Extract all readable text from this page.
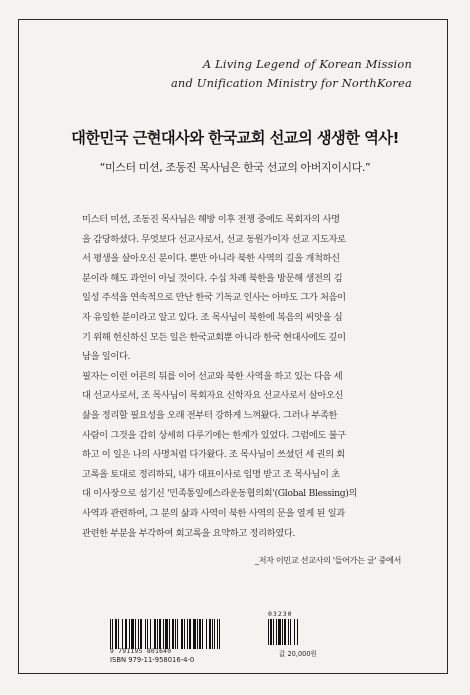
A Living Legend of Korean Mission
and Unification Ministry for NorthKorea
대한민국 근현대사와 한국교회 선교의 생생한 역사!
“미스터 미션, 조동진 목사님은 한국 선교의 아버지이시다.”
미스터 미션, 조동진 목사님은 해방 이후 전쟁 중에도 목회자의 사명
을 감당하셨다. 무엇보다 선교사로서, 선교 동원가이자 선교 지도자로
서 평생을 살아오신 분이다. 뿐만 아니라 북한 사역의 길을 개척하신
분이라 해도 과언이 아닐 것이다. 수십 차례 북한을 방문해 생전의 김
일성 주석을 연속적으로 만난 한국 기독교 인사는 아마도 그가 처음이
자 유일한 분이라고 알고 있다. 조 목사님이 북한에 복음의 씨앗을 심
기 위해 헌신하신 모든 일은 한국교회뿐 아니라 한국 현대사에도 깊이
남을 일이다.
필자는 이런 어른의 뒤를 이어 선교와 북한 사역을 하고 있는 다음 세
대 선교사로서, 조 목사님이 목회자요 신학자요 선교사로서 살아오신
삶을 정리할 필요성을 오래 전부터 강하게 느껴왔다. 그러나 부족한
사람이 그것을 감히 상세히 다루기에는 한계가 있었다. 그럼에도 불구
하고 이 일은 나의 사명처럼 다가왔다. 조 목사님이 쓰셨던 세 권의 회
고록을 토대로 정리하되, 내가 대표이사로 임명 받고 조 목사님이 초
대 이사장으로 섬기신 '민족통일에스라운동협의회'(Global Blessing)의
사역과 관련하여, 그 분의 삶과 사역이 북한 사역의 문을 열게 된 일과
관련한 부분을 부각하여 회고록을 요약하고 정리하였다.
_저자 이민교 선교사의 '들어가는 글' 중에서
03230
9 791195 801640
ISBN 979-11-958016-4-0
값 20,000원
